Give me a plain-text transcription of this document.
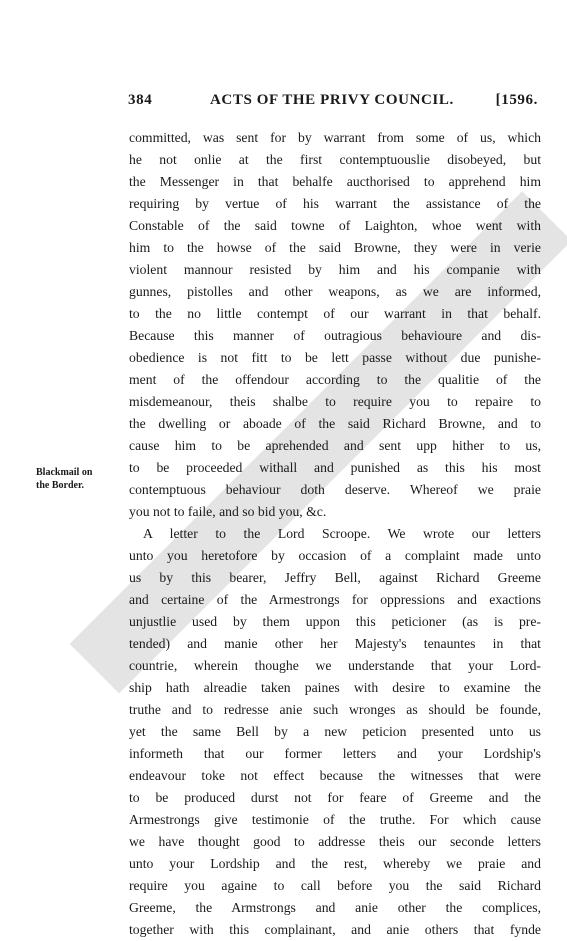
384	ACTS OF THE PRIVY COUNCIL.	[1596.
Blackmail on
the Border.
committed, was sent for by warrant from some of us, which
he not onlie at the first contemptuouslie disobeyed, but
the Messenger in that behalfe aucthorised to apprehend him
requiring by vertue of his warrant the assistance of the
Constable of the said towne of Laighton, whoe went with
him to the howse of the said Browne, they were in verie
violent mannour resisted by him and his companie with
gunnes, pistolles and other weapons, as we are informed,
to the no little contempt of our warrant in that behalf.
Because this manner of outragious behavioure and dis-
obedience is not fitt to be lett passe without due punishe-
ment of the offendour according to the qualitie of the
misdemeanour, theis shalbe to require you to repaire to
the dwelling or aboade of the said Richard Browne, and to
cause him to be aprehended and sent upp hither to us,
to be proceeded withall and punished as this his most
contemptuous behaviour doth deserve. Whereof we praie
you not to faile, and so bid you, &c.
A letter to the Lord Scroope. We wrote our letters
unto you heretofore by occasion of a complaint made unto
us by this bearer, Jeffry Bell, against Richard Greeme
and certaine of the Armestrongs for oppressions and exactions
unjustlie used by them uppon this peticioner (as is pre-
tended) and manie other her Majesty's tenauntes in that
countrie, wherein thoughe we understande that your Lord-
ship hath alreadie taken paines with desire to examine the
truthe and to redresse anie such wronges as should be founde,
yet the same Bell by a new peticion presented unto us
informeth that our former letters and your Lordship's
endeavour toke not effect because the witnesses that were
to be produced durst not for feare of Greeme and the
Armestrongs give testimonie of the truthe. For which cause
we have thought good to addresse theis our seconde letters
unto your Lordship and the rest, whereby we praie and
require you againe to call before you the said Richard
Greeme, the Armstrongs and anie other the complices,
together with this complainant, and anie others that fynde
